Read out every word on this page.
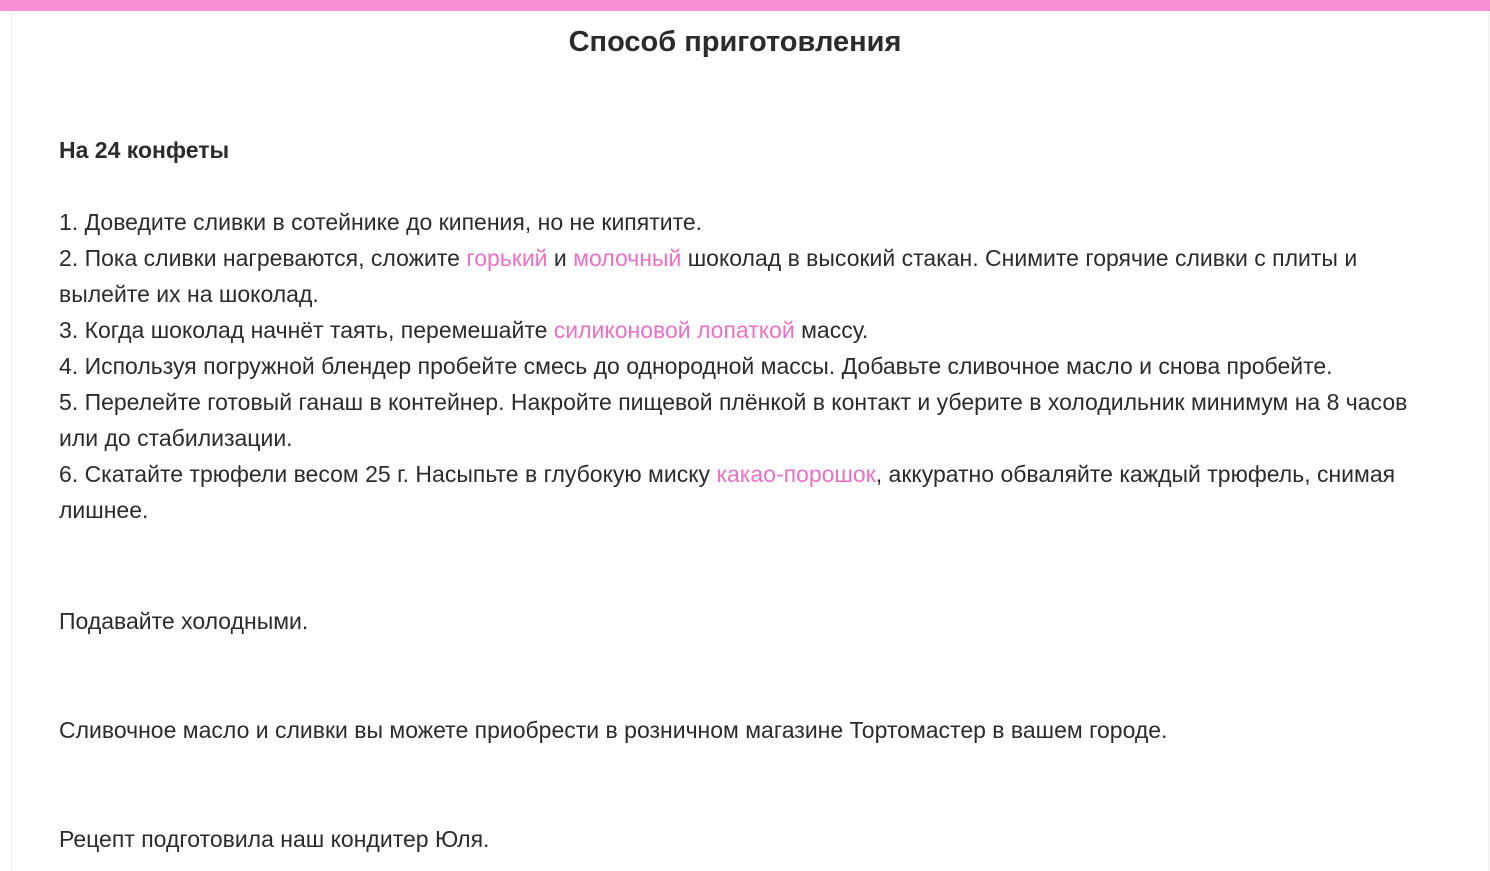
Способ приготовления
На 24 конфеты

1. Доведите сливки в сотейнике до кипения, но не кипятите.

2. Пока сливки нагреваются, сложите горький и молочный шоколад в высокий стакан. Снимите горячие сливки с плиты и вылейте их на шоколад.

3. Когда шоколад начнёт таять, перемешайте силиконовой лопаткой массу.

4. Используя погружной блендер пробейте смесь до однородной массы. Добавьте сливочное масло и снова пробейте.

5. Перелейте готовый ганаш в контейнер. Накройте пищевой плёнкой в контакт и уберите в холодильник минимум на 8 часов или до стабилизации.

6. Скатайте трюфели весом 25 г. Насыпьте в глубокую миску какао-порошок, аккуратно обваляйте каждый трюфель, снимая лишнее.

Подавайте холодными.
Сливочное масло и сливки вы можете приобрести в розничном магазине Тортомастер в вашем городе.
Рецепт подготовила наш кондитер Юля.
